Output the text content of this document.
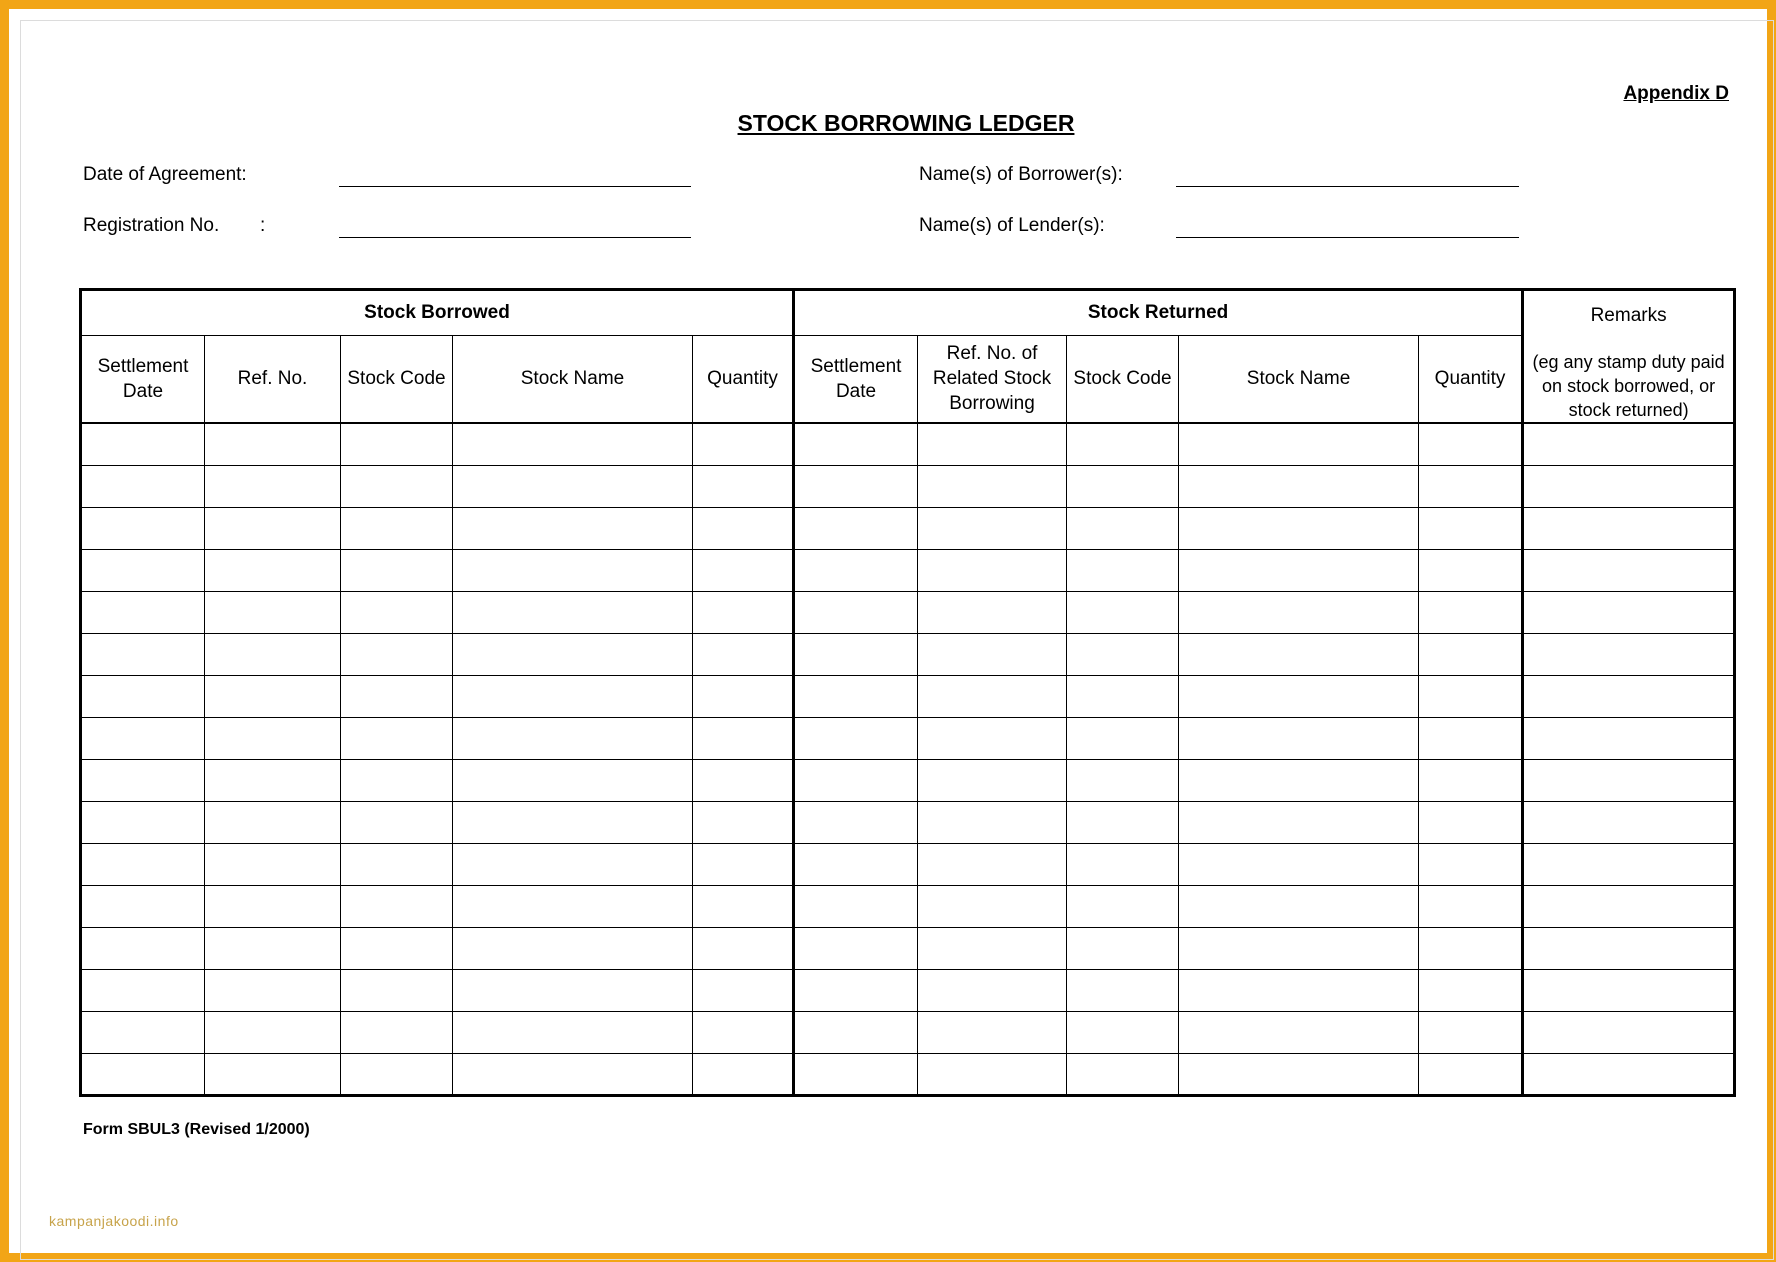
Appendix D
STOCK BORROWING LEDGER
Date of Agreement:
Registration No. :
Name(s) of Borrower(s):
Name(s) of Lender(s):
Stock Borrowed					Stock Returned					Remarks
(eg any stamp duty paid on stock borrowed, or stock returned)

Settlement Date	Ref. No.	Stock Code	Stock Name	Quantity	Settlement Date	Ref. No. of Related Stock Borrowing	Stock Code	Stock Name	Quantity	

Form SBUL3 (Revised 1/2000)
kampanjakoodi.info
